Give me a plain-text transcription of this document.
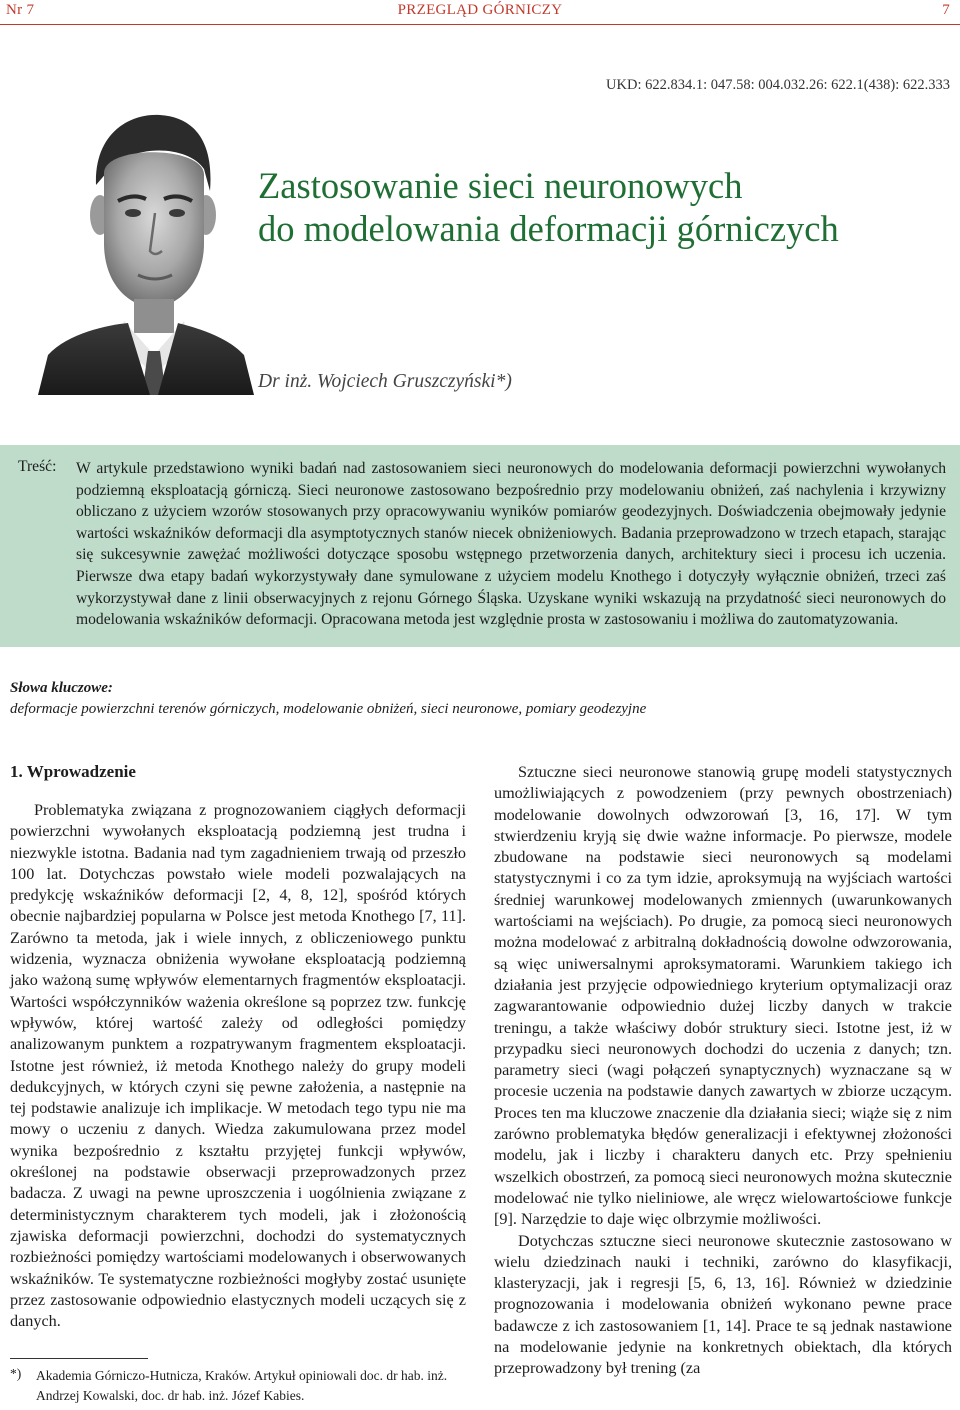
Nr 7	PRZEGLĄD GÓRNICZY	7
UKD: 622.834.1: 047.58: 004.032.26: 622.1(438): 622.333
Zastosowanie sieci neuronowych
do modelowania deformacji górniczych
Dr inż. Wojciech Gruszczyński*)
Treść: W artykule przedstawiono wyniki badań nad zastosowaniem sieci neuronowych do modelowania deformacji powierzchni wywołanych podziemną eksploatacją górniczą. Sieci neuronowe zastosowano bezpośrednio przy modelowaniu obniżeń, zaś nachylenia i krzywizny obliczano z użyciem wzorów stosowanych przy opracowywaniu wyników pomiarów geodezyjnych. Doświadczenia obejmowały jedynie wartości wskaźników deformacji dla asymptotycznych stanów niecek obniżeniowych. Badania przeprowadzono w trzech etapach, starając się sukcesywnie zawężać możliwości dotyczące sposobu wstępnego przetworzenia danych, architektury sieci i procesu ich uczenia. Pierwsze dwa etapy badań wykorzystywały dane symulowane z użyciem modelu Knothego i dotyczyły wyłącznie obniżeń, trzeci zaś wykorzystywał dane z linii obserwacyjnych z rejonu Górnego Śląska. Uzyskane wyniki wskazują na przydatność sieci neuronowych do modelowania wskaźników deformacji. Opracowana metoda jest względnie prosta w zastosowaniu i możliwa do zautomatyzowania.

Słowa kluczowe:
deformacje powierzchni terenów górniczych, modelowanie obniżeń, sieci neuronowe, pomiary geodezyjne
1. Wprowadzenie

Problematyka związana z prognozowaniem ciągłych deformacji powierzchni wywołanych eksploatacją podziemną jest trudna i niezwykle istotna. Badania nad tym zagadnieniem trwają od przeszło 100 lat. Dotychczas powstało wiele modeli pozwalających na predykcję wskaźników deformacji [2, 4, 8, 12], spośród których obecnie najbardziej popularna w Polsce jest metoda Knothego [7, 11]. Zarówno ta metoda, jak i wiele innych, z obliczeniowego punktu widzenia, wyznacza obniżenia wywołane eksploatacją podziemną jako ważoną sumę wpływów elementarnych fragmentów eksploatacji. Wartości współczynników ważenia określone są poprzez tzw. funkcję wpływów, której wartość zależy od odległości pomiędzy analizowanym punktem a rozpatrywanym fragmentem eksploatacji. Istotne jest również, iż metoda Knothego należy do grupy modeli dedukcyjnych, w których czyni się pewne założenia, a następnie na tej podstawie analizuje ich implikacje. W metodach tego typu nie ma mowy o uczeniu z danych. Wiedza zakumulowana przez model wynika bezpośrednio z kształtu przyjętej funkcji wpływów, określonej na podstawie obserwacji przeprowadzonych przez badacza. Z uwagi na pewne uproszczenia i uogólnienia związane z deterministycznym charakterem tych modeli, jak i złożonością zjawiska deformacji powierzchni, dochodzi do systematycznych rozbieżności pomiędzy wartościami modelowanych i obserwowanych wskaźników. Te systematyczne rozbieżności mogłyby zostać usunięte przez zastosowanie odpowiednio elastycznych modeli uczących się z danych.

Sztuczne sieci neuronowe stanowią grupę modeli statystycznych umożliwiających z powodzeniem (przy pewnych obostrzeniach) modelowanie dowolnych odwzorowań [3, 16, 17]. W tym stwierdzeniu kryją się dwie ważne informacje. Po pierwsze, modele zbudowane na podstawie sieci neuronowych są modelami statystycznymi i co za tym idzie, aproksymują na wyjściach wartości średniej warunkowej modelowanych zmiennych (uwarunkowanych wartościami na wejściach). Po drugie, za pomocą sieci neuronowych można modelować z arbitralną dokładnością dowolne odwzorowania, są więc uniwersalnymi aproksymatorami. Warunkiem takiego ich działania jest przyjęcie odpowiedniego kryterium optymalizacji oraz zagwarantowanie odpowiednio dużej liczby danych w trakcie treningu, a także właściwy dobór struktury sieci. Istotne jest, iż w przypadku sieci neuronowych dochodzi do uczenia z danych; tzn. parametry sieci (wagi połączeń synaptycznych) wyznaczane są w procesie uczenia na podstawie danych zawartych w zbiorze uczącym. Proces ten ma kluczowe znaczenie dla działania sieci; wiąże się z nim zarówno problematyka błędów generalizacji i efektywnej złożoności modelu, jak i liczby i charakteru danych etc. Przy spełnieniu wszelkich obostrzeń, za pomocą sieci neuronowych można skutecznie modelować nie tylko nieliniowe, ale wręcz wielowartościowe funkcje [9]. Narzędzie to daje więc olbrzymie możliwości.

Dotychczas sztuczne sieci neuronowe skutecznie zastosowano w wielu dziedzinach nauki i techniki, zarówno do klasyfikacji, klasteryzacji, jak i regresji [5, 6, 13, 16]. Również w dziedzinie prognozowania i modelowania obniżeń wykonano pewne prace badawcze z ich zastosowaniem [1, 14]. Prace te są jednak nastawione na modelowanie jedynie na konkretnych obiektach, dla których przeprowadzony był trening (za

*) Akademia Górniczo-Hutnicza, Kraków. Artykuł opiniowali doc. dr hab. inż. Andrzej Kowalski, doc. dr hab. inż. Józef Kabies.
